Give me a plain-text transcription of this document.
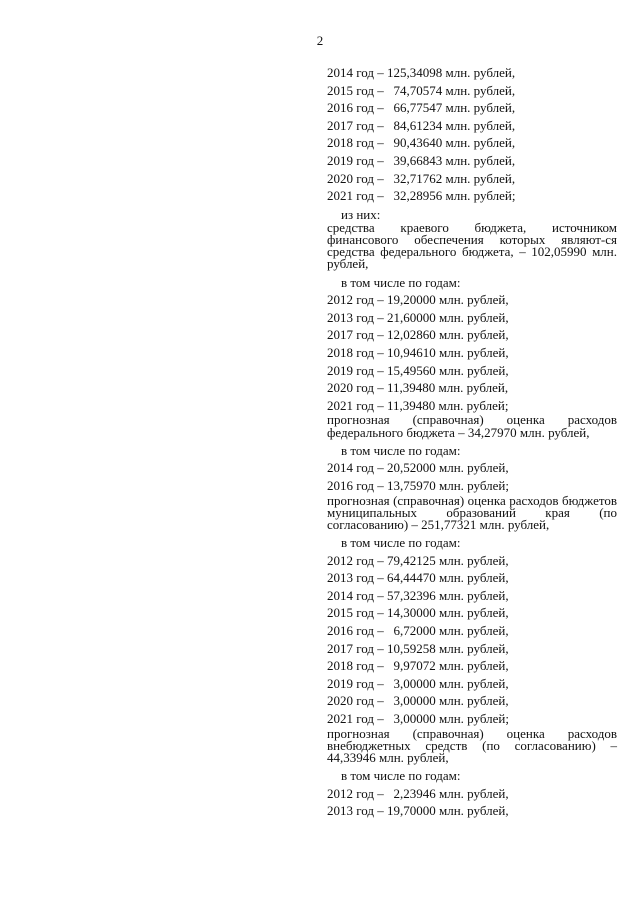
2
2014 год – 125,34098 млн. рублей,
2015 год –   74,70574 млн. рублей,
2016 год –   66,77547 млн. рублей,
2017 год –   84,61234 млн. рублей,
2018 год –   90,43640 млн. рублей,
2019 год –   39,66843 млн. рублей,
2020 год –   32,71762 млн. рублей,
2021 год –   32,28956 млн. рублей;
из них:
средства краевого бюджета, источником финансового обеспечения которых являют-ся средства федерального бюджета, – 102,05990 млн. рублей,
в том числе по годам:
2012 год – 19,20000 млн. рублей,
2013 год – 21,60000 млн. рублей,
2017 год – 12,02860 млн. рублей,
2018 год – 10,94610 млн. рублей,
2019 год – 15,49560 млн. рублей,
2020 год – 11,39480 млн. рублей,
2021 год – 11,39480 млн. рублей;
прогнозная (справочная) оценка расходов федерального бюджета – 34,27970 млн. рублей,
в том числе по годам:
2014 год – 20,52000 млн. рублей,
2016 год – 13,75970 млн. рублей;
прогнозная (справочная) оценка расходов бюджетов муниципальных образований края (по согласованию) – 251,77321 млн. рублей,
в том числе по годам:
2012 год – 79,42125 млн. рублей,
2013 год – 64,44470 млн. рублей,
2014 год – 57,32396 млн. рублей,
2015 год – 14,30000 млн. рублей,
2016 год –   6,72000 млн. рублей,
2017 год – 10,59258 млн. рублей,
2018 год –   9,97072 млн. рублей,
2019 год –   3,00000 млн. рублей,
2020 год –   3,00000 млн. рублей,
2021 год –   3,00000 млн. рублей;
прогнозная (справочная) оценка расходов внебюджетных средств (по согласованию) – 44,33946 млн. рублей,
в том числе по годам:
2012 год –   2,23946 млн. рублей,
2013 год – 19,70000 млн. рублей,
